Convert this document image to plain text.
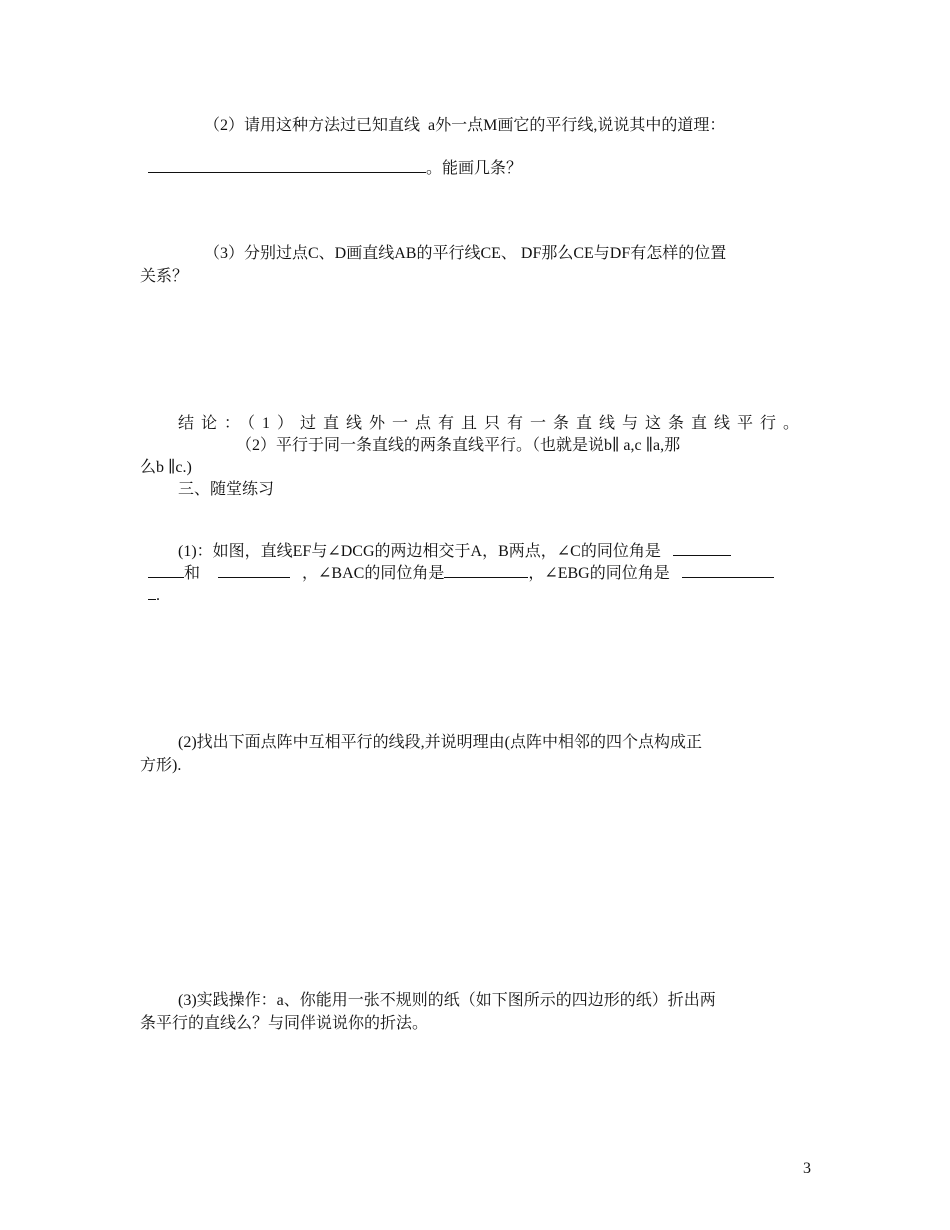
（2）请用这种方法过已知直线  a外一点M画它的平行线,说说其中的道理：

。能画几条？

（3）分别过点C、D画直线AB的平行线CE、 DF那么CE与DF有怎样的位置
关系？
结论：（1）过直线外一点有且只有一条直线与这条直线平行。
（2）平行于同一条直线的两条直线平行。（也就是说b∥ a,c ∥a,那
么b ∥c.)
三、随堂练习

(1)：如图，直线EF与∠DCG的两边相交于A，B两点，∠C的同位角是

和	，∠BAC的同位角是	，∠EBG的同位角是

.

(2)找出下面点阵中互相平行的线段,并说明理由(点阵中相邻的四个点构成正
方形).
(3)实践操作：a、你能用一张不规则的纸（如下图所示的四边形的纸）折出两
条平行的直线么？与同伴说说你的折法。
3
